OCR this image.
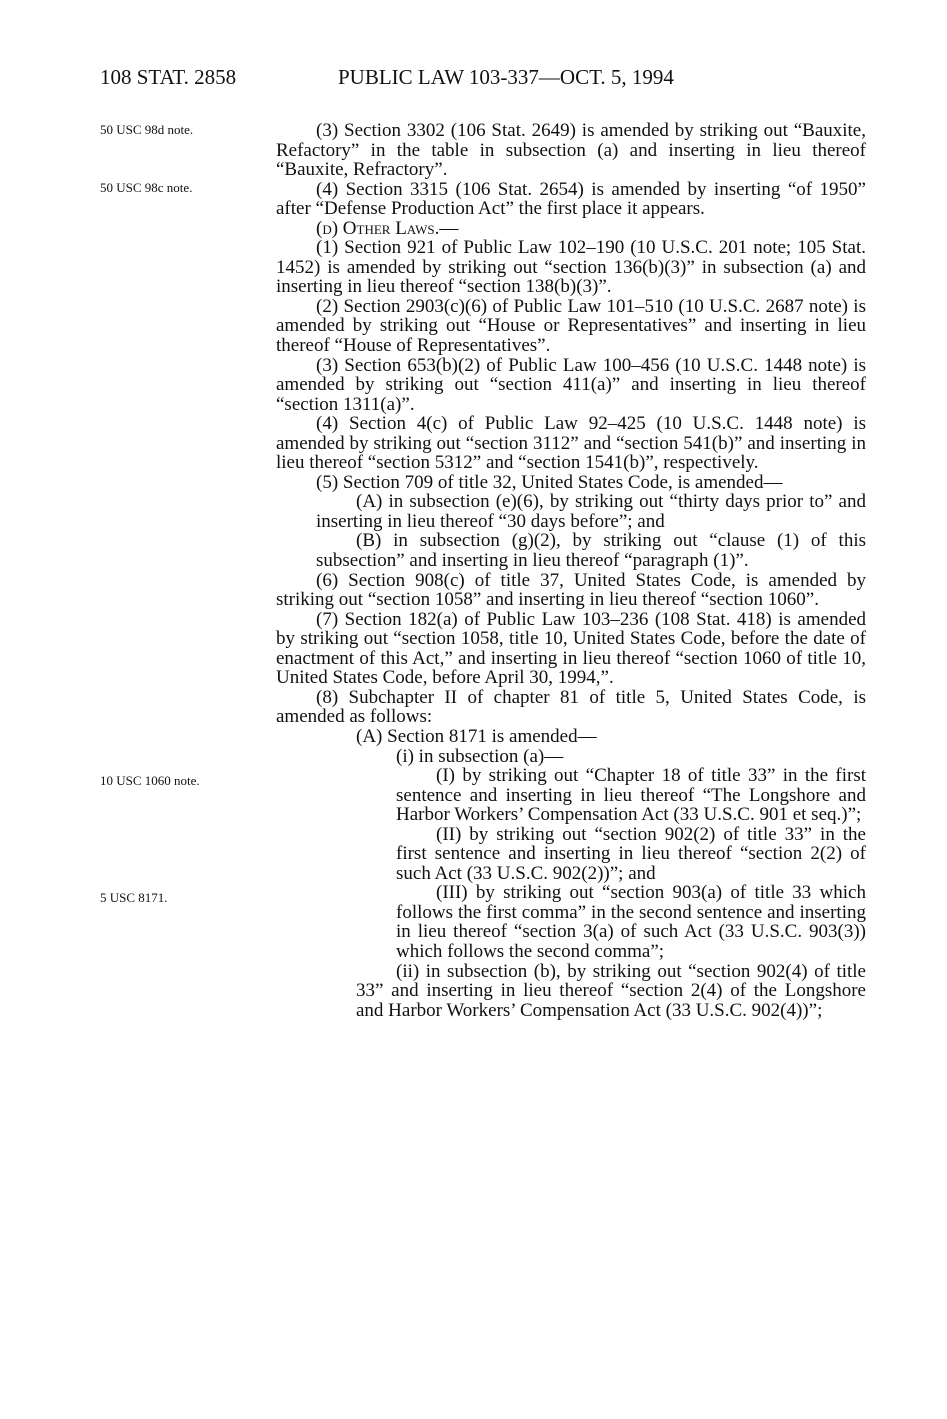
108 STAT. 2858	PUBLIC LAW 103-337—OCT. 5, 1994
50 USC 98d note.
50 USC 98c note.
10 USC 1060 note.
5 USC 8171.

(3) Section 3302 (106 Stat. 2649) is amended by striking out “Bauxite, Refactory” in the table in subsection (a) and inserting in lieu thereof “Bauxite, Refractory”.

(4) Section 3315 (106 Stat. 2654) is amended by inserting “of 1950” after “Defense Production Act” the first place it appears.

(d) Other Laws.—

(1) Section 921 of Public Law 102–190 (10 U.S.C. 201 note; 105 Stat. 1452) is amended by striking out “section 136(b)(3)” in subsection (a) and inserting in lieu thereof “section 138(b)(3)”.

(2) Section 2903(c)(6) of Public Law 101–510 (10 U.S.C. 2687 note) is amended by striking out “House or Representatives” and inserting in lieu thereof “House of Representatives”.

(3) Section 653(b)(2) of Public Law 100–456 (10 U.S.C. 1448 note) is amended by striking out “section 411(a)” and inserting in lieu thereof “section 1311(a)”.

(4) Section 4(c) of Public Law 92–425 (10 U.S.C. 1448 note) is amended by striking out “section 3112” and “section 541(b)” and inserting in lieu thereof “section 5312” and “section 1541(b)”, respectively.

(5) Section 709 of title 32, United States Code, is amended—

(A) in subsection (e)(6), by striking out “thirty days prior to” and inserting in lieu thereof “30 days before”; and

(B) in subsection (g)(2), by striking out “clause (1) of this subsection” and inserting in lieu thereof “paragraph (1)”.

(6) Section 908(c) of title 37, United States Code, is amended by striking out “section 1058” and inserting in lieu thereof “section 1060”.

(7) Section 182(a) of Public Law 103–236 (108 Stat. 418) is amended by striking out “section 1058, title 10, United States Code, before the date of enactment of this Act,” and inserting in lieu thereof “section 1060 of title 10, United States Code, before April 30, 1994,”.

(8) Subchapter II of chapter 81 of title 5, United States Code, is amended as follows:

(A) Section 8171 is amended—

(i) in subsection (a)—

(I) by striking out “Chapter 18 of title 33” in the first sentence and inserting in lieu thereof “The Longshore and Harbor Workers’ Compensation Act (33 U.S.C. 901 et seq.)”;

(II) by striking out “section 902(2) of title 33” in the first sentence and inserting in lieu thereof “section 2(2) of such Act (33 U.S.C. 902(2))”; and

(III) by striking out “section 903(a) of title 33 which follows the first comma” in the second sentence and inserting in lieu thereof “section 3(a) of such Act (33 U.S.C. 903(3)) which follows the second comma”;

(ii) in subsection (b), by striking out “section 902(4) of title 33” and inserting in lieu thereof “section 2(4) of the Longshore and Harbor Workers’ Compensation Act (33 U.S.C. 902(4))”;
